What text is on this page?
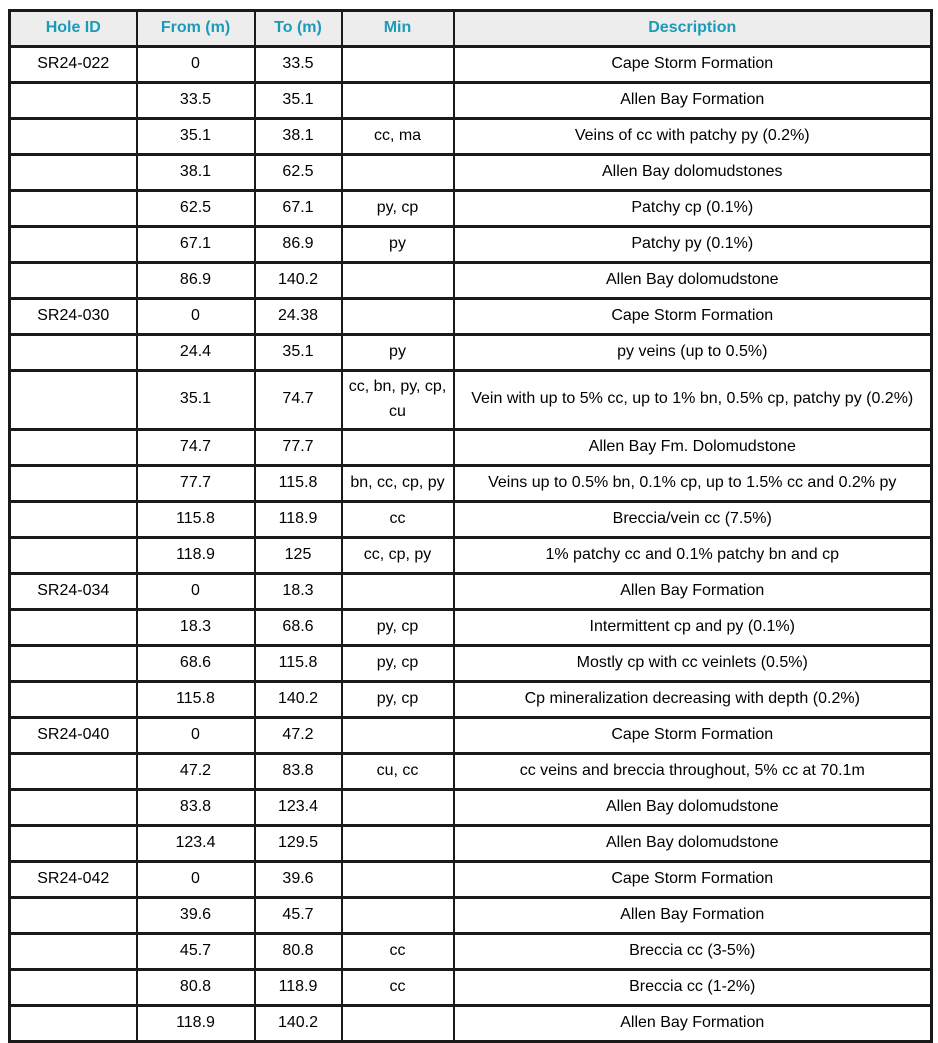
Hole ID	From (m)	To (m)	Min	Description
SR24-022	0	33.5		Cape Storm Formation
	33.5	35.1		Allen Bay Formation
	35.1	38.1	cc, ma	Veins of cc with patchy py (0.2%)
	38.1	62.5		Allen Bay dolomudstones
	62.5	67.1	py, cp	Patchy cp (0.1%)
	67.1	86.9	py	Patchy py (0.1%)
	86.9	140.2		Allen Bay dolomudstone
SR24-030	0	24.38		Cape Storm Formation
	24.4	35.1	py	py veins (up to 0.5%)
	35.1	74.7	cc, bn, py, cp, cu	Vein with up to 5% cc, up to 1% bn, 0.5% cp, patchy py (0.2%)
	74.7	77.7		Allen Bay Fm. Dolomudstone
	77.7	115.8	bn, cc, cp, py	Veins up to 0.5% bn, 0.1% cp, up to 1.5% cc and 0.2% py
	115.8	118.9	cc	Breccia/vein cc (7.5%)
	118.9	125	cc, cp, py	1% patchy cc and 0.1% patchy bn and cp
SR24-034	0	18.3		Allen Bay Formation
	18.3	68.6	py, cp	Intermittent cp and py (0.1%)
	68.6	115.8	py, cp	Mostly cp with cc veinlets (0.5%)
	115.8	140.2	py, cp	Cp mineralization decreasing with depth (0.2%)
SR24-040	0	47.2		Cape Storm Formation
	47.2	83.8	cu, cc	cc veins and breccia throughout, 5% cc at 70.1m
	83.8	123.4		Allen Bay dolomudstone
	123.4	129.5		Allen Bay dolomudstone
SR24-042	0	39.6		Cape Storm Formation
	39.6	45.7		Allen Bay Formation
	45.7	80.8	cc	Breccia cc (3-5%)
	80.8	118.9	cc	Breccia cc (1-2%)
	118.9	140.2		Allen Bay Formation
